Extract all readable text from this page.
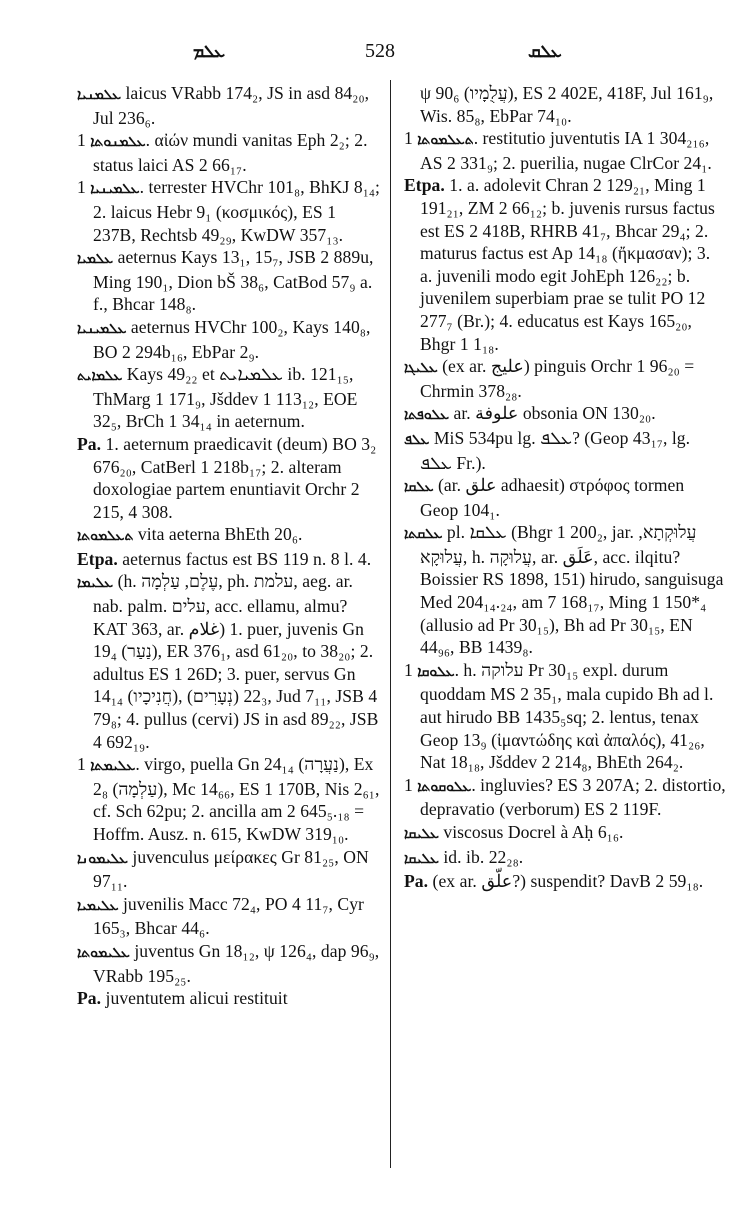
ܥܠܡ	528	ܥܠܩ
ܥܠܡܢܝܐ laicus VRabb 174₂, JS in asd 84₂₀, Jul 236₆.
ܥܠܡܢܘܬܐ 1. αἰών mundi vanitas Eph 2₂; 2. status laici AS 2 66₁₇.
ܥܠܡܝܢܝܐ 1. terrester HVChr 101₈, BhKJ 8₁₄; 2. laicus Hebr 9₁ (κοσμικός), ES 1 237B, Rechtsb 49₂₉, KwDW 357₁₃.
ܥܠܡܝܐ aeternus Kays 13₁, 15₇, JSB 2 889u, Ming 190₁, Dion bŠ 38₆, CatBod 57₉ a. f., Bhcar 148₈.
ܥܠܡܝܢܝܐ aeternus HVChr 100₂, Kays 140₈, BO 2 294b₁₆, EbPar 2₉.
ܥܠܡܐܝܬ Kays 49₂₂ et ܥܠܡܝܐܝܬ ib. 121₁₅, ThMarg 1 171₉, Jšddev 1 113₁₂, EOE 32₅, BrCh 1 34₁₄ in aeternum.
Pa. 1. aeternum praedicavit (deum) BO 3₂ 676₂₀, CatBerl 1 218b₁₇; 2. alteram doxologiae partem enuntiavit Orchr 2 215, 4 308.
ܬܥܠܡܘܬܐ vita aeterna BhEth 20₆.
Etpa. aeternus factus est BS 119 n. 8 l. 4.
ܥܠܝܡܐ (h. עֶלֶם, עַלְמָה, ph. עלמת, aeg. ar. nab. palm. עלים, acc. ellamu, almu? KAT 363, ar. غلام) 1. puer, juvenis Gn 19₄ (נַעַר), ER 376₁, asd 61₂₀, to 38₂₀; 2. adultus ES 1 26D; 3. puer, servus Gn 14₁₄ (חֲנִיכָיו), 22₃ (נְעָרִים), Jud 7₁₁, JSB 4 79₈; 4. pullus (cervi) JS in asd 89₂₂, JSB 4 692₁₉.
ܥܠܝܡܬܐ 1. virgo, puella Gn 24₁₄ (נַעֲרָה), Ex 2₈ (עַלְמָה), Mc 14₆₆, ES 1 170B, Nis 2₆₁, cf. Sch 62pu; 2. ancilla am 2 645₅.₁₈ = Hoffm. Ausz. n. 615, KwDW 319₁₀.
ܥܠܝܡܘܢܐ juvenculus μείρακες Gr 81₂₅, ON 97₁₁.
ܥܠܝܡܝܐ juvenilis Macc 72₄, PO 4 11₇, Cyr 165₃, Bhcar 44₆.
ܥܠܝܡܘܬܐ juventus Gn 18₁₂, ψ 126₄, dap 96₉, VRabb 195₂₅.
Pa. juventutem alicui restituit
ψ 90₆ (עֲלֻמָיו), ES 2 402E, 418F, Jul 161₉, Wis. 85₈, EbPar 74₁₀.
ܬܥܠܡܘܬܐ 1. restitutio juventutis IA 1 304₂₁₆, AS 2 331₉; 2. puerilia, nugae ClrCor 24₁.
Etpa. 1. a. adolevit Chran 2 129₂₁, Ming 1 191₂₁, ZM 2 66₁₂; b. juvenis rursus factus est ES 2 418B, RHRB 41₇, Bhcar 29₄; 2. maturus factus est Ap 14₁₈ (ἤκμασαν); 3. a. juvenili modo egit JohEph 126₂₂; b. juvenilem superbiam prae se tulit PO 12 277₇ (Br.); 4. educatus est Kays 165₂₀, Bhgr 1 1₁₈.
ܥܠܝܓܐ (ex ar. عليج) pinguis Orchr 1 96₂₀ = Chrmin 378₂₈.
ܥܠܘܦܬܐ ar. علوفة obsonia ON 130₂₀.
ܥܠܦ MiS 534pu lg. ܥܠܦ? (Geop 43₁₇, lg. ܥܠܦ Fr.).
ܥܠܩܐ (ar. علق adhaesit) στρόφος tormen Geop 104₁.
ܥܠܩܬܐ pl. ܥܠܩܐ (Bhgr 1 200₂, jar. עֲלוּקְתָא, עֲלוּקָא, h. עֲלוּקָה, ar. عَلَق, acc. ilqitu? Boissier RS 1898, 151) hirudo, sanguisuga Med 204₁₄.₂₄, am 7 168₁₇, Ming 1 150*₄ (allusio ad Pr 30₁₅), Bh ad Pr 30₁₅, EN 44₉₆, BB 1439₈.
ܥܠܘܩܐ 1. h. עלוקה Pr 30₁₅ expl. durum quoddam MS 2 35₁, mala cupido Bh ad l. aut hirudo BB 1435₅sq; 2. lentus, tenax Geop 13₉ (ἱμαντώδης καὶ ἀπαλός), 41₂₆, Nat 18₁₈, Jšddev 2 214₈, BhEth 264₂.
ܥܠܘܩܘܬܐ 1. ingluvies? ES 3 207A; 2. distortio, depravatio (verborum) ES 2 119F.
ܥܠܝܩܐ viscosus Docrel à Aḥ 6₁₆.
ܥܠܝܩܐ id. ib. 22₂₈.
Pa. (ex ar. علّق?) suspendit? DavB 2 59₁₈.
